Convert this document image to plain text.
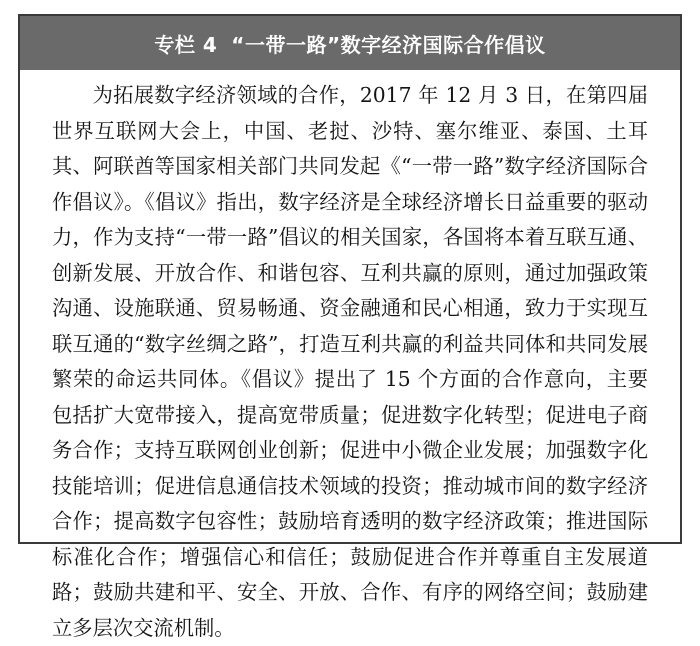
专栏 4 “一带一路”数字经济国际合作倡议
为拓展数字经济领域的合作，2017 年 12 月 3 日，在第四届世界互联网大会上，中国、老挝、沙特、塞尔维亚、泰国、土耳其、阿联酋等国家相关部门共同发起《“一带一路”数字经济国际合作倡议》。《倡议》指出，数字经济是全球经济增长日益重要的驱动力，作为支持“一带一路”倡议的相关国家，各国将本着互联互通、创新发展、开放合作、和谐包容、互利共赢的原则，通过加强政策沟通、设施联通、贸易畅通、资金融通和民心相通，致力于实现互联互通的“数字丝绸之路”，打造互利共赢的利益共同体和共同发展繁荣的命运共同体。《倡议》提出了 15 个方面的合作意向，主要包括扩大宽带接入，提高宽带质量；促进数字化转型；促进电子商务合作；支持互联网创业创新；促进中小微企业发展；加强数字化技能培训；促进信息通信技术领域的投资；推动城市间的数字经济合作；提高数字包容性；鼓励培育透明的数字经济政策；推进国际标准化合作；增强信心和信任；鼓励促进合作并尊重自主发展道路；鼓励共建和平、安全、开放、合作、有序的网络空间；鼓励建立多层次交流机制。
